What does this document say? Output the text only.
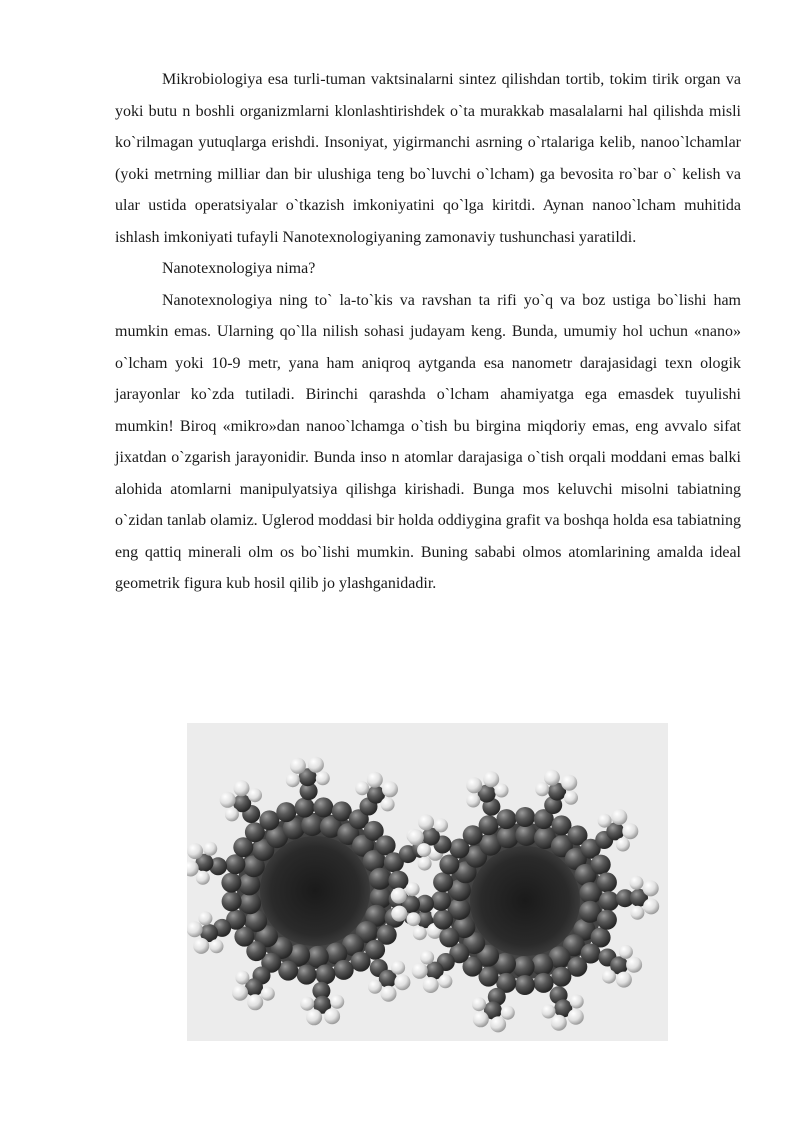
Mikrobiologiya esa turli-tuman vaktsinalarni sintez qilishdan tortib, tokim tirik organ va yoki butu n boshli organizmlarni klonlashtirishdek o`ta murakkab masalalarni hal qilishda misli ko`rilmagan yutuqlarga erishdi. Insoniyat, yigirmanchi asrning o`rtalariga kelib, nanoo`lchamlar (yoki metrning milliar dan bir ulushiga teng bo`luvchi o`lcham) ga bevosita ro`bar o` kelish va ular ustida operatsiyalar o`tkazish imkoniyatini qo`lga kiritdi. Aynan nanoo`lcham muhitida ishlash imkoniyati tufayli Nanotexnologiyaning zamonaviy tushunchasi yaratildi.

Nanotexnologiya nima?

Nanotexnologiya ning to` la-to`kis va ravshan ta rifi yo`q va boz ustiga bo`lishi ham mumkin emas. Ularning qo`lla nilish sohasi judayam keng. Bunda, umumiy hol uchun «nano» o`lcham yoki 10-9 metr, yana ham aniqroq aytganda esa nanometr darajasidagi texn ologik jarayonlar ko`zda tutiladi. Birinchi qarashda o`lcham ahamiyatga ega emasdek tuyulishi mumkin! Biroq «mikro»dan nanoo`lchamga o`tish bu birgina miqdoriy emas, eng avvalo sifat jixatdan o`zgarish jarayonidir. Bunda inso n atomlar darajasiga o`tish orqali moddani emas balki alohida atomlarni manipulyatsiya qilishga kirishadi. Bunga mos keluvchi misolni tabiatning o`zidan tanlab olamiz. Uglerod moddasi bir holda oddiygina grafit va boshqa holda esa tabiatning eng qattiq minerali olm os bo`lishi mumkin. Buning sababi olmos atomlarining amalda ideal geometrik figura kub hosil qilib jo ylashganidadir.
